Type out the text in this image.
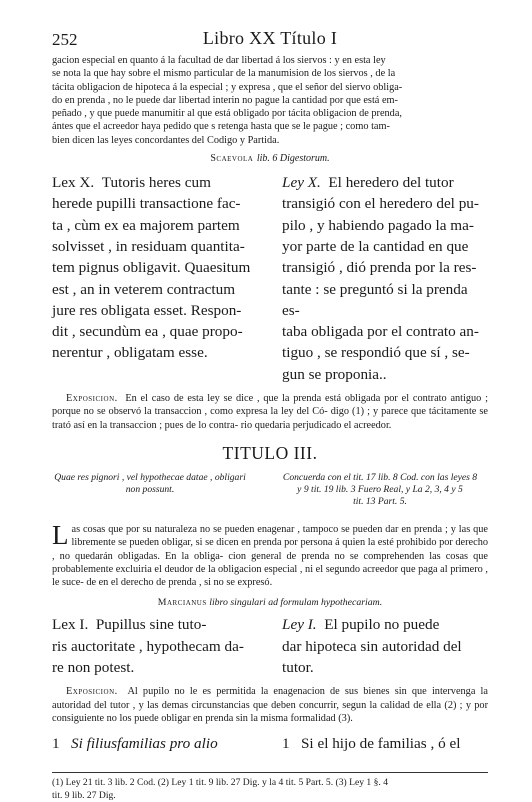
252	Libro XX Título I
gacion especial en quanto á la facultad de dar libertad á los siervos : y en esta ley
se nota la que hay sobre el mismo particular de la manumision de los siervos , de la
tácita obligacion de hipoteca á la especial ; y expresa , que el señor del siervo obliga-
do en prenda , no le puede dar libertad interin no pague la cantidad por que está em-
peñado , y que puede manumitir al que está obligado por tácita obligacion de prenda,
ántes que el acreedor haya pedido que s retenga hasta que se le pague ; como tam-
bien dicen las leyes concordantes del Codigo y Partida.
Scaevola lib. 6 Digestorum.
Lex X. Tutoris heres cum
herede pupilli transactione fac-
ta , cùm ex ea majorem partem
solvisset , in residuam quantita-
tem pignus obligavit. Quaesitum
est , an in veterem contractum
jure res obligata esset. Respon-
dit , secundùm ea , quae propo-
nerentur , obligatam esse.
Ley X. El heredero del tutor
transigió con el heredero del pu-
pilo , y habiendo pagado la ma-
yor parte de la cantidad en que
transigió , dió prenda por la res-
tante : se preguntó si la prenda es-
taba obligada por el contrato an-
tiguo , se respondió que sí , se-
gun se proponia..
Exposicion. En el caso de esta ley se dice , que la prenda está obligada por el contrato antiguo ; porque no se observó la transaccion , como expresa la ley del Có- digo (1) ; y parece que tácitamente se trató así en la transaccion ; pues de lo contra- rio quedaria perjudicado el acreedor.
TITULO III.
Quae res pignori , vel hypothecae datae , obligari
non possunt.
Concuerda con el tit. 17 lib. 8 Cod. con las leyes 8
y 9 tit. 19 lib. 3 Fuero Real, y La 2, 3, 4 y 5
tit. 13 Part. 5.
L as cosas que por su naturaleza no se pueden enagenar , tampoco se pueden dar en prenda ; y las que libremente se pueden obligar, si se dicen en prenda por persona á quien la esté prohibido por derecho , no quedarán obligadas. En la obliga- cion general de prenda no se comprehenden las cosas que probablemente excluiria el deudor de la obligacion especial , ni el segundo acreedor que paga al primero , le suce- de en el derecho de prenda , si no se expresó.
Marcianus libro singulari ad formulam hypothecariam.
Lex I. Pupillus sine tuto-
ris auctoritate , hypothecam da-
re non potest.
Ley I. El pupilo no puede
dar hipoteca sin autoridad del
tutor.
Exposicion. Al pupilo no le es permitida la enagenacion de sus bienes sin que intervenga la autoridad del tutor , y las demas circunstancias que deben concurrir, segun la calidad de ella (2) ; y por consiguiente no los puede obligar en prenda sin la misma formalidad (3).
1 Si filiusfamilias pro alio	1 Si el hijo de familias , ó el
(1) Ley 21 tit. 3 lib. 2 Cod. (2) Ley 1 tit. 9 lib. 27 Dig. y la 4 tit. 5 Part. 5. (3) Ley 1 §. 4
tit. 9 lib. 27 Dig.
